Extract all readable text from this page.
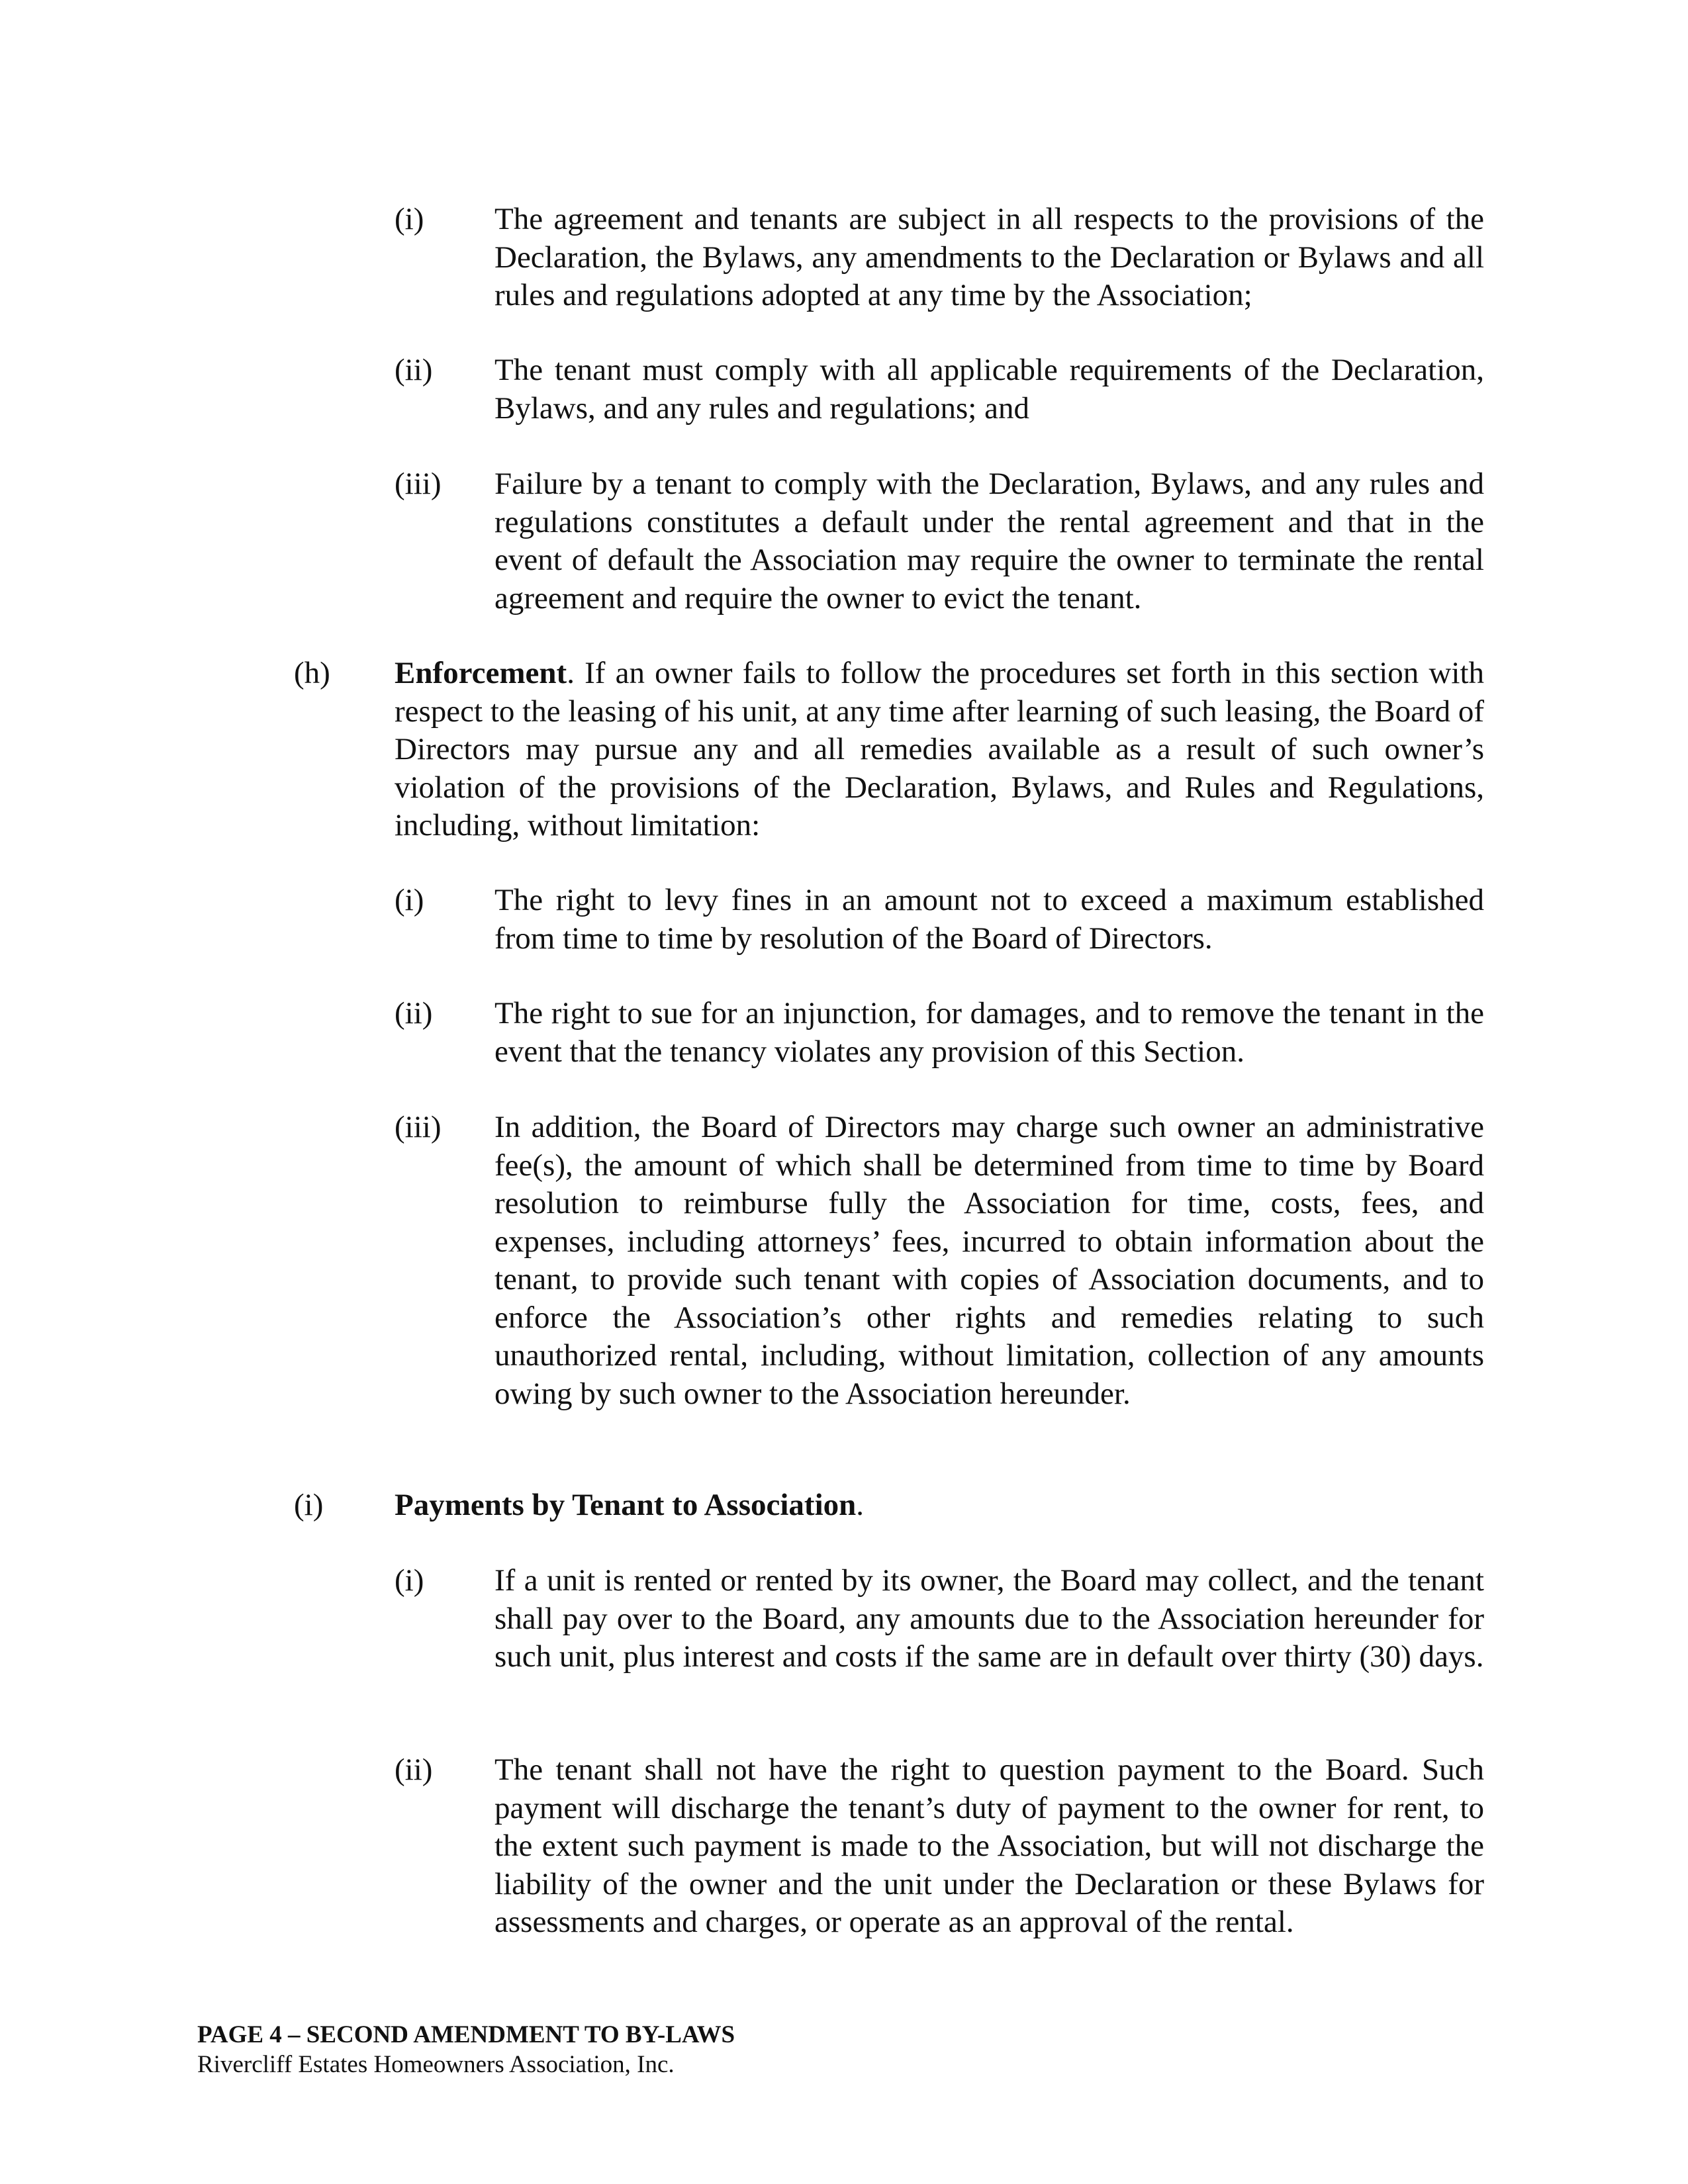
(i)	The agreement and tenants are subject in all respects to the provisions of the Declaration, the Bylaws, any amendments to the Declaration or Bylaws and all rules and regulations adopted at any time by the Association;
(ii)	The tenant must comply with all applicable requirements of the Declaration, Bylaws, and any rules and regulations; and
(iii)	Failure by a tenant to comply with the Declaration, Bylaws, and any rules and regulations constitutes a default under the rental agreement and that in the event of default the Association may require the owner to terminate the rental agreement and require the owner to evict the tenant.
(h)	Enforcement. If an owner fails to follow the procedures set forth in this section with respect to the leasing of his unit, at any time after learning of such leasing, the Board of Directors may pursue any and all remedies available as a result of such owner’s violation of the provisions of the Declaration, Bylaws, and Rules and Regulations, including, without limitation:
(i)	The right to levy fines in an amount not to exceed a maximum established from time to time by resolution of the Board of Directors.
(ii)	The right to sue for an injunction, for damages, and to remove the tenant in the event that the tenancy violates any provision of this Section.
(iii)	In addition, the Board of Directors may charge such owner an administrative fee(s), the amount of which shall be determined from time to time by Board resolution to reimburse fully the Association for time, costs, fees, and expenses, including attorneys’ fees, incurred to obtain information about the tenant, to provide such tenant with copies of Association documents, and to enforce the Association’s other rights and remedies relating to such unauthorized rental, including, without limitation, collection of any amounts owing by such owner to the Association hereunder.
(i)	Payments by Tenant to Association.
(i)	If a unit is rented or rented by its owner, the Board may collect, and the tenant shall pay over to the Board, any amounts due to the Association hereunder for such unit, plus interest and costs if the same are in default over thirty (30) days.
(ii)	The tenant shall not have the right to question payment to the Board. Such payment will discharge the tenant’s duty of payment to the owner for rent, to the extent such payment is made to the Association, but will not discharge the liability of the owner and the unit under the Declaration or these Bylaws for assessments and charges, or operate as an approval of the rental.
PAGE 4 – SECOND AMENDMENT TO BY-LAWS
Rivercliff Estates Homeowners Association, Inc.
